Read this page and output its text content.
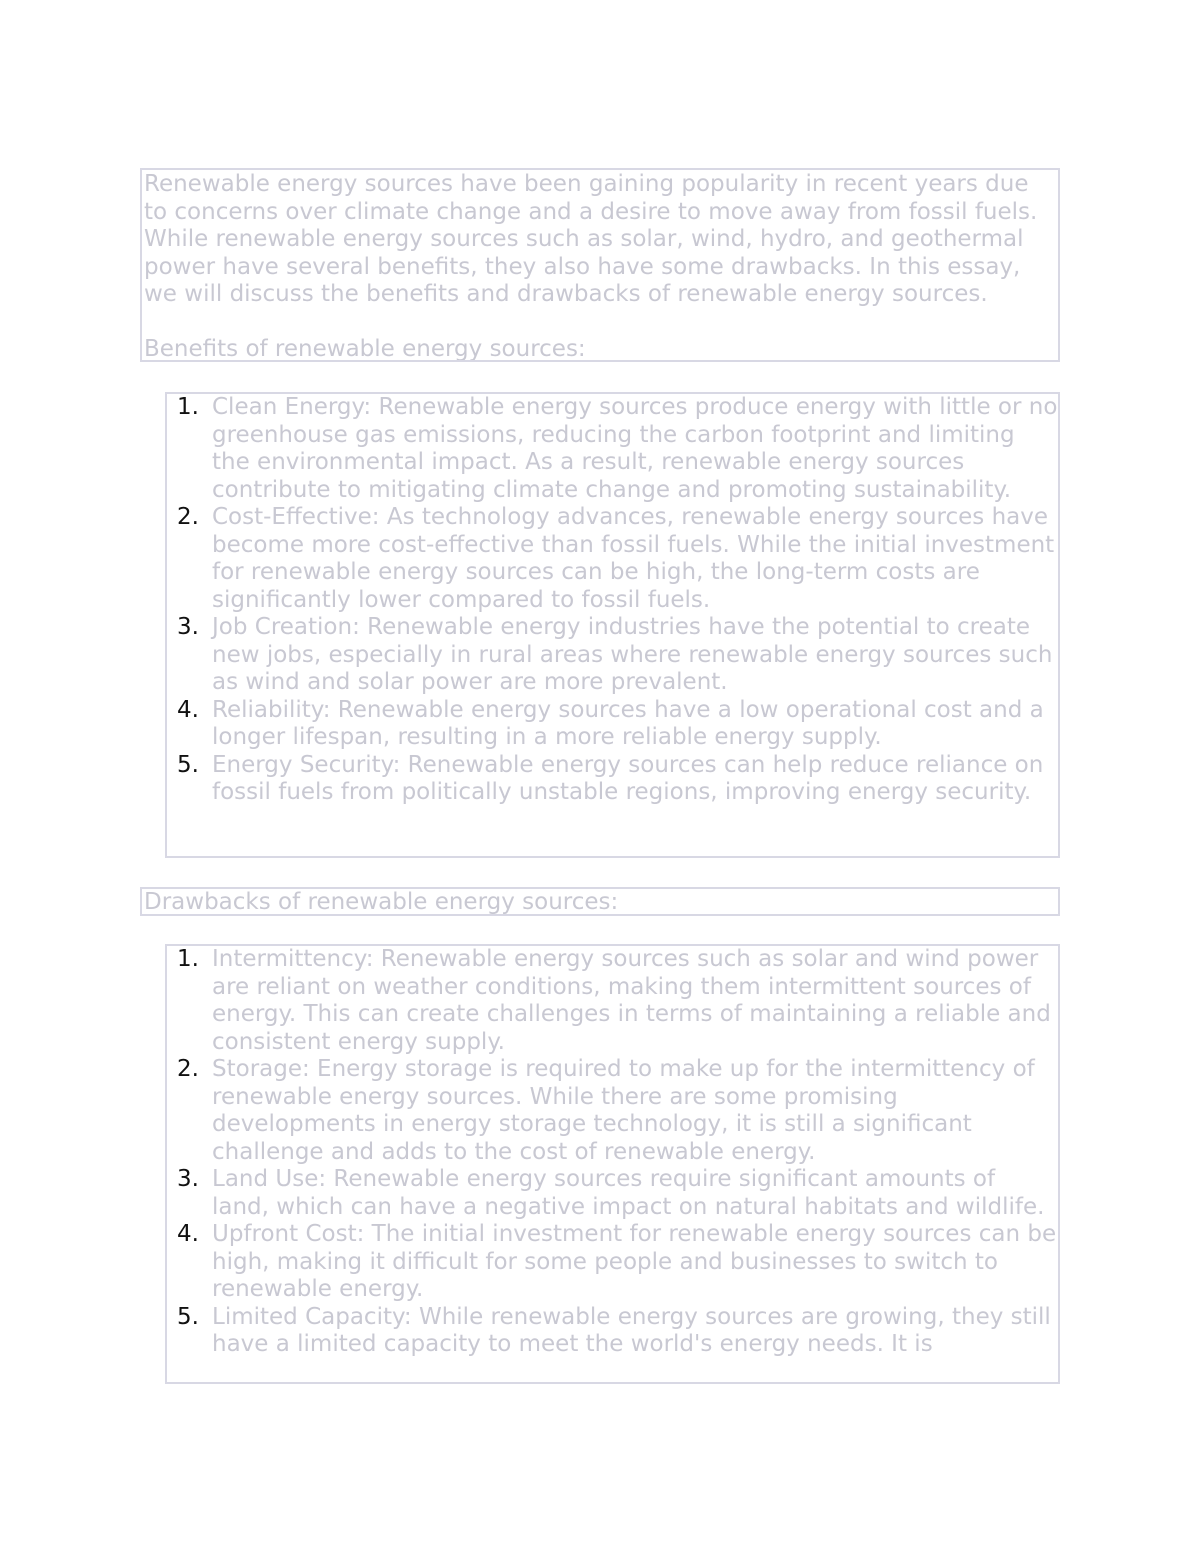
Renewable energy sources have been gaining popularity in recent years due to concerns over climate change and a desire to move away from fossil fuels. While renewable energy sources such as solar, wind, hydro, and geothermal power have several benefits, they also have some drawbacks. In this essay, we will discuss the benefits and drawbacks of renewable energy sources.

Benefits of renewable energy sources:

1. Clean Energy: Renewable energy sources produce energy with little or no greenhouse gas emissions, reducing the carbon footprint and limiting the environmental impact. As a result, renewable energy sources contribute to mitigating climate change and promoting sustainability.
2. Cost-Effective: As technology advances, renewable energy sources have become more cost-effective than fossil fuels. While the initial investment for renewable energy sources can be high, the long-term costs are significantly lower compared to fossil fuels.
3. Job Creation: Renewable energy industries have the potential to create new jobs, especially in rural areas where renewable energy sources such as wind and solar power are more prevalent.
4. Reliability: Renewable energy sources have a low operational cost and a longer lifespan, resulting in a more reliable energy supply.
5. Energy Security: Renewable energy sources can help reduce reliance on fossil fuels from politically unstable regions, improving energy security.

Drawbacks of renewable energy sources:

1. Intermittency: Renewable energy sources such as solar and wind power are reliant on weather conditions, making them intermittent sources of energy. This can create challenges in terms of maintaining a reliable and consistent energy supply.
2. Storage: Energy storage is required to make up for the intermittency of renewable energy sources. While there are some promising developments in energy storage technology, it is still a significant challenge and adds to the cost of renewable energy.
3. Land Use: Renewable energy sources require significant amounts of land, which can have a negative impact on natural habitats and wildlife.
4. Upfront Cost: The initial investment for renewable energy sources can be high, making it difficult for some people and businesses to switch to renewable energy.
5. Limited Capacity: While renewable energy sources are growing, they still have a limited capacity to meet the world's energy needs. It is
